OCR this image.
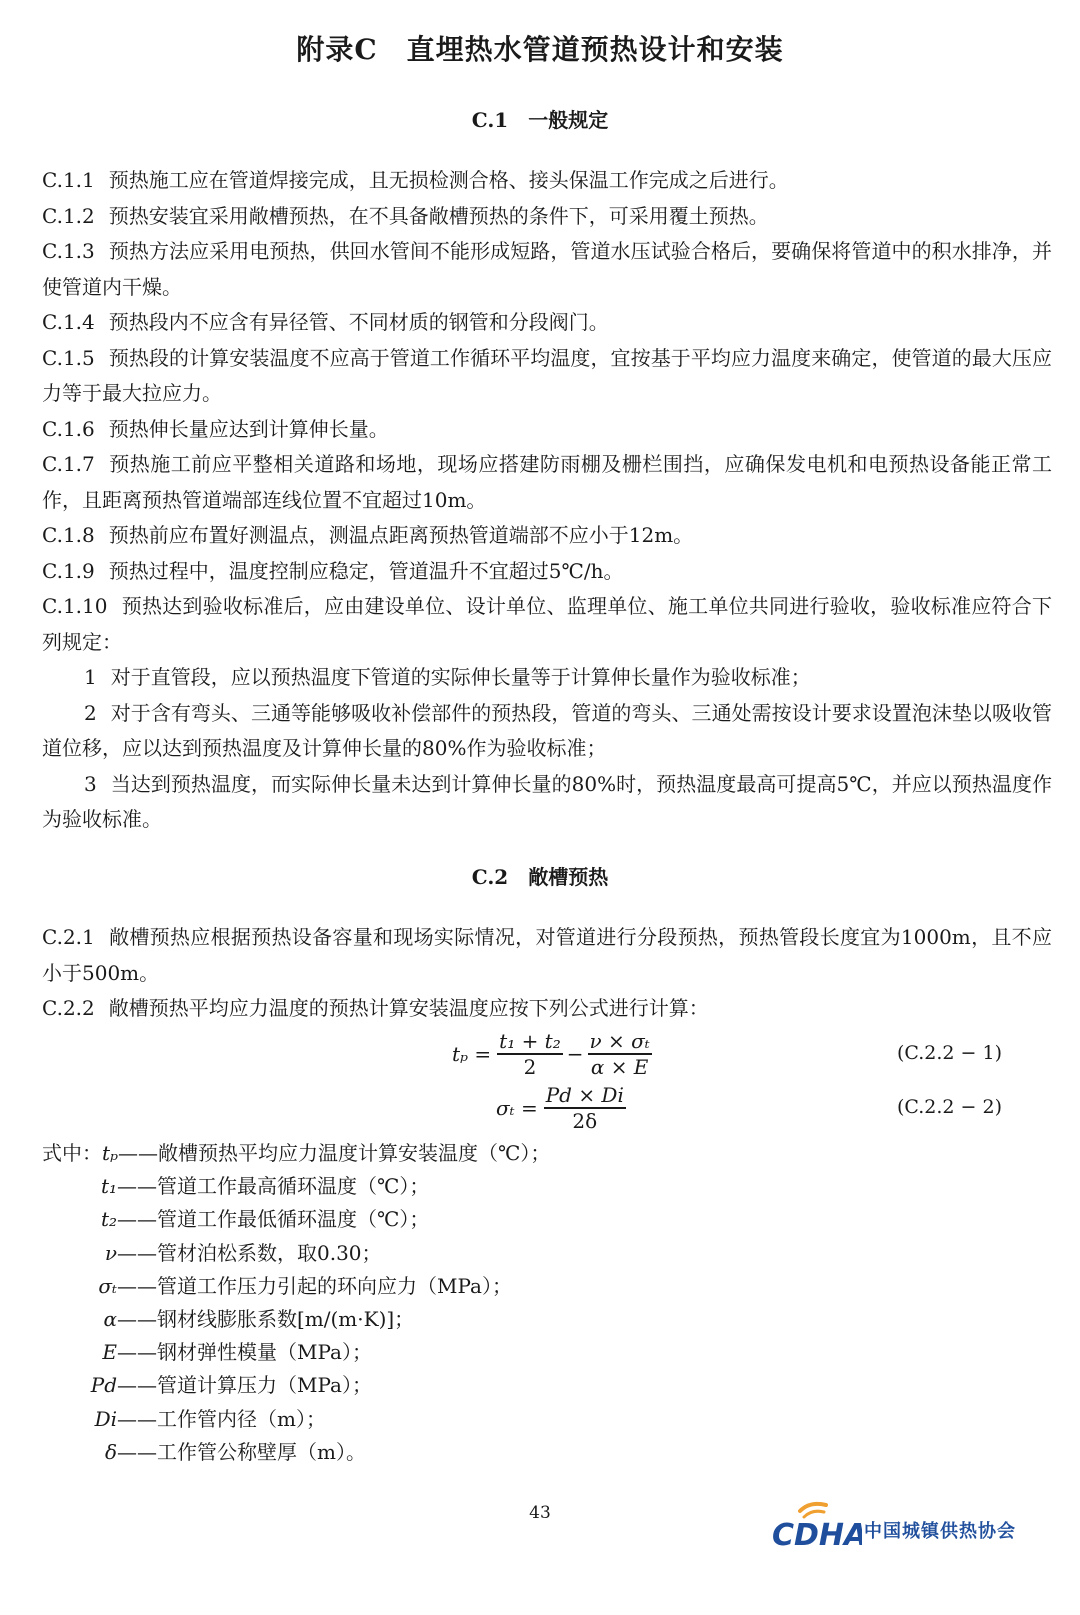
附录C　直埋热水管道预热设计和安装
C.1　一般规定

C.1.1 预热施工应在管道焊接完成，且无损检测合格、接头保温工作完成之后进行。

C.1.2 预热安装宜采用敞槽预热，在不具备敞槽预热的条件下，可采用覆土预热。

C.1.3 预热方法应采用电预热，供回水管间不能形成短路，管道水压试验合格后，要确保将管道中的积水排净，并使管道内干燥。

C.1.4 预热段内不应含有异径管、不同材质的钢管和分段阀门。

C.1.5 预热段的计算安装温度不应高于管道工作循环平均温度，宜按基于平均应力温度来确定，使管道的最大压应力等于最大拉应力。

C.1.6 预热伸长量应达到计算伸长量。

C.1.7 预热施工前应平整相关道路和场地，现场应搭建防雨棚及栅栏围挡，应确保发电机和电预热设备能正常工作，且距离预热管道端部连线位置不宜超过10m。

C.1.8 预热前应布置好测温点，测温点距离预热管道端部不应小于12m。

C.1.9 预热过程中，温度控制应稳定，管道温升不宜超过5℃/h。

C.1.10 预热达到验收标准后，应由建设单位、设计单位、监理单位、施工单位共同进行验收，验收标准应符合下列规定：

1 对于直管段，应以预热温度下管道的实际伸长量等于计算伸长量作为验收标准；

2 对于含有弯头、三通等能够吸收补偿部件的预热段，管道的弯头、三通处需按设计要求设置泡沫垫以吸收管道位移，应以达到预热温度及计算伸长量的80%作为验收标准；

3 当达到预热温度，而实际伸长量未达到计算伸长量的80%时，预热温度最高可提高5℃，并应以预热温度作为验收标准。

C.2　敞槽预热

C.2.1 敞槽预热应根据预热设备容量和现场实际情况，对管道进行分段预热，预热管段长度宜为1000m，且不应小于500m。

C.2.2 敞槽预热平均应力温度的预热计算安装温度应按下列公式进行计算：

$t_p = \frac{\text{t₁ + t₂}}{2} - \frac{\text{ν × σₜ}}{\alpha \times E}$	(C.2.2 − 1)
$\sigma_t = \frac{Pd \times Di}{2\delta}$	(C.2.2 − 2)
式中：tₚ——敞槽预热平均应力温度计算安装温度（℃）；
t₁——管道工作最高循环温度（℃）；
t₂——管道工作最低循环温度（℃）；
ν——管材泊松系数，取0.30；
σₜ——管道工作压力引起的环向应力（MPa）；
α——钢材线膨胀系数[m/(m·K)]；
E——钢材弹性模量（MPa）；
Pd——管道计算压力（MPa）；
Di——工作管内径（m）；
δ——工作管公称壁厚（m）。
43
CDHA
中国城镇供热协会
